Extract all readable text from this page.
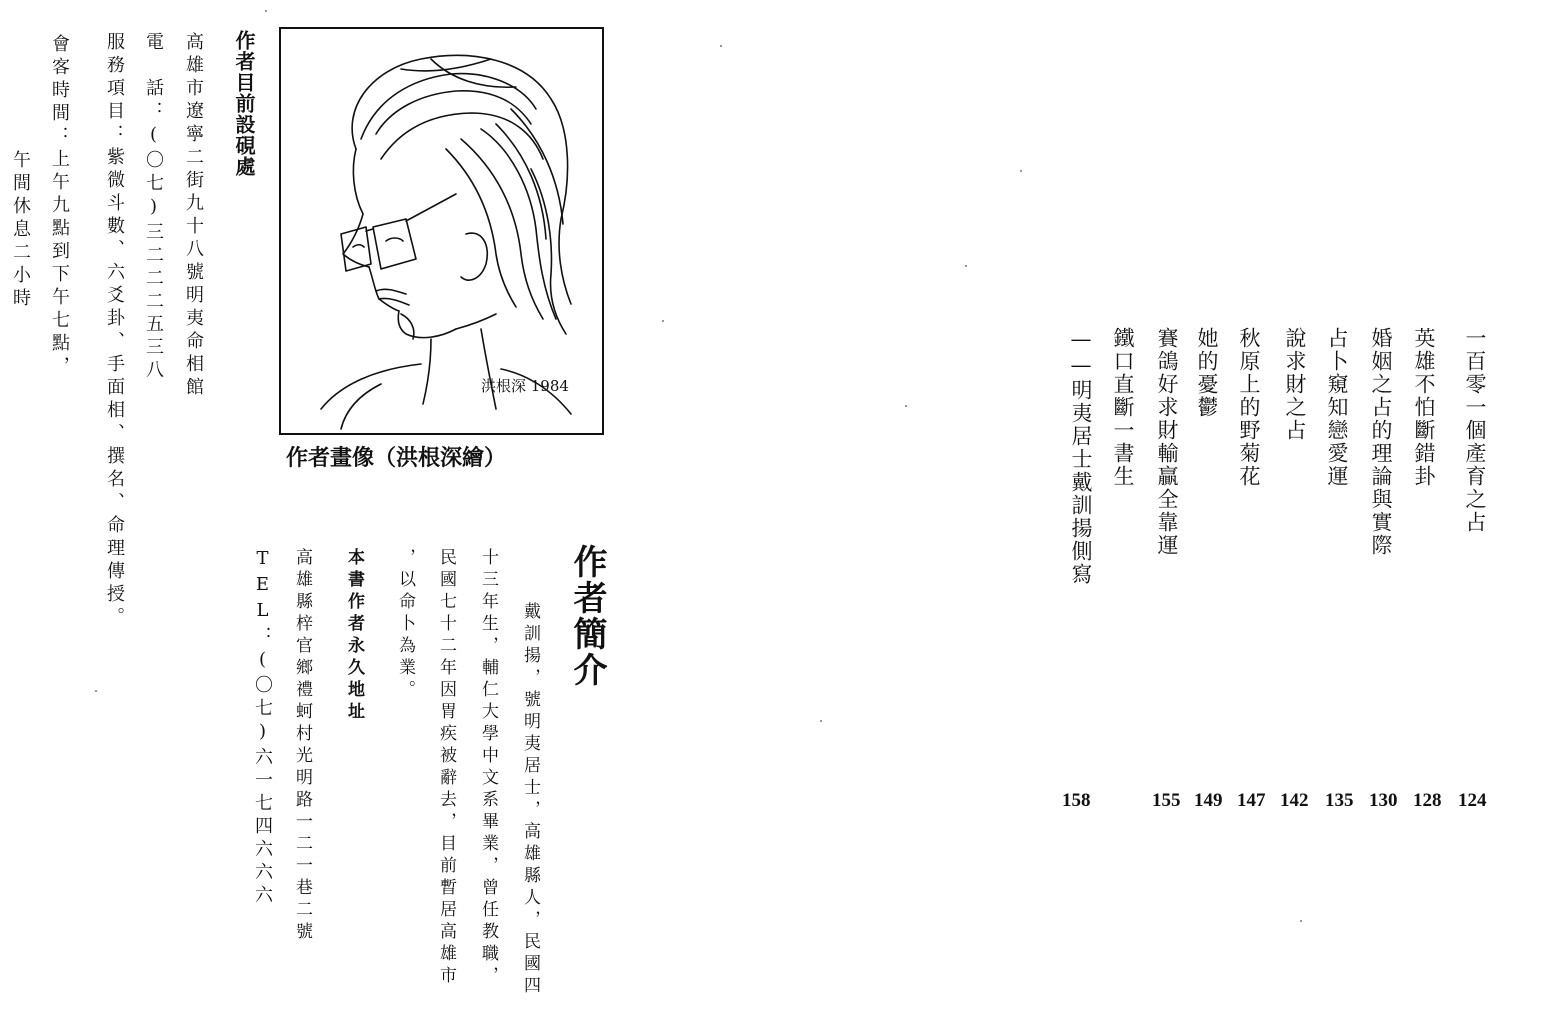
作者目前設硯處
高雄市遼寧二街九十八號明夷命相館
電　話：(〇七)三二二二五三八
服務項目：紫微斗數、六爻卦、手面相、撰名、命理傳授。
會客時間：上午九點到下午七點，
午間休息二小時
洪根深 1984
作者畫像（洪根深繪）
作者簡介
　戴訓揚，號明夷居士，高雄縣人，民國四
十三年生，輔仁大學中文系畢業，曾任教職，
民國七十二年因胃疾被辭去，目前暫居高雄市
，以命卜為業。
本書作者永久地址
高雄縣梓官鄉禮蚵村光明路一二一巷二號
TEL：(〇七)六一七四六六六
一百零一個產育之占
英雄不怕斷錯卦
婚姻之占的理論與實際
占卜窺知戀愛運
說求財之占
秋原上的野菊花
她的憂鬱
賽鴿好求財輸贏全靠運
鐵口直斷一書生
——明夷居士戴訓揚側寫
124
128
130
135
142
147
149
155
158
